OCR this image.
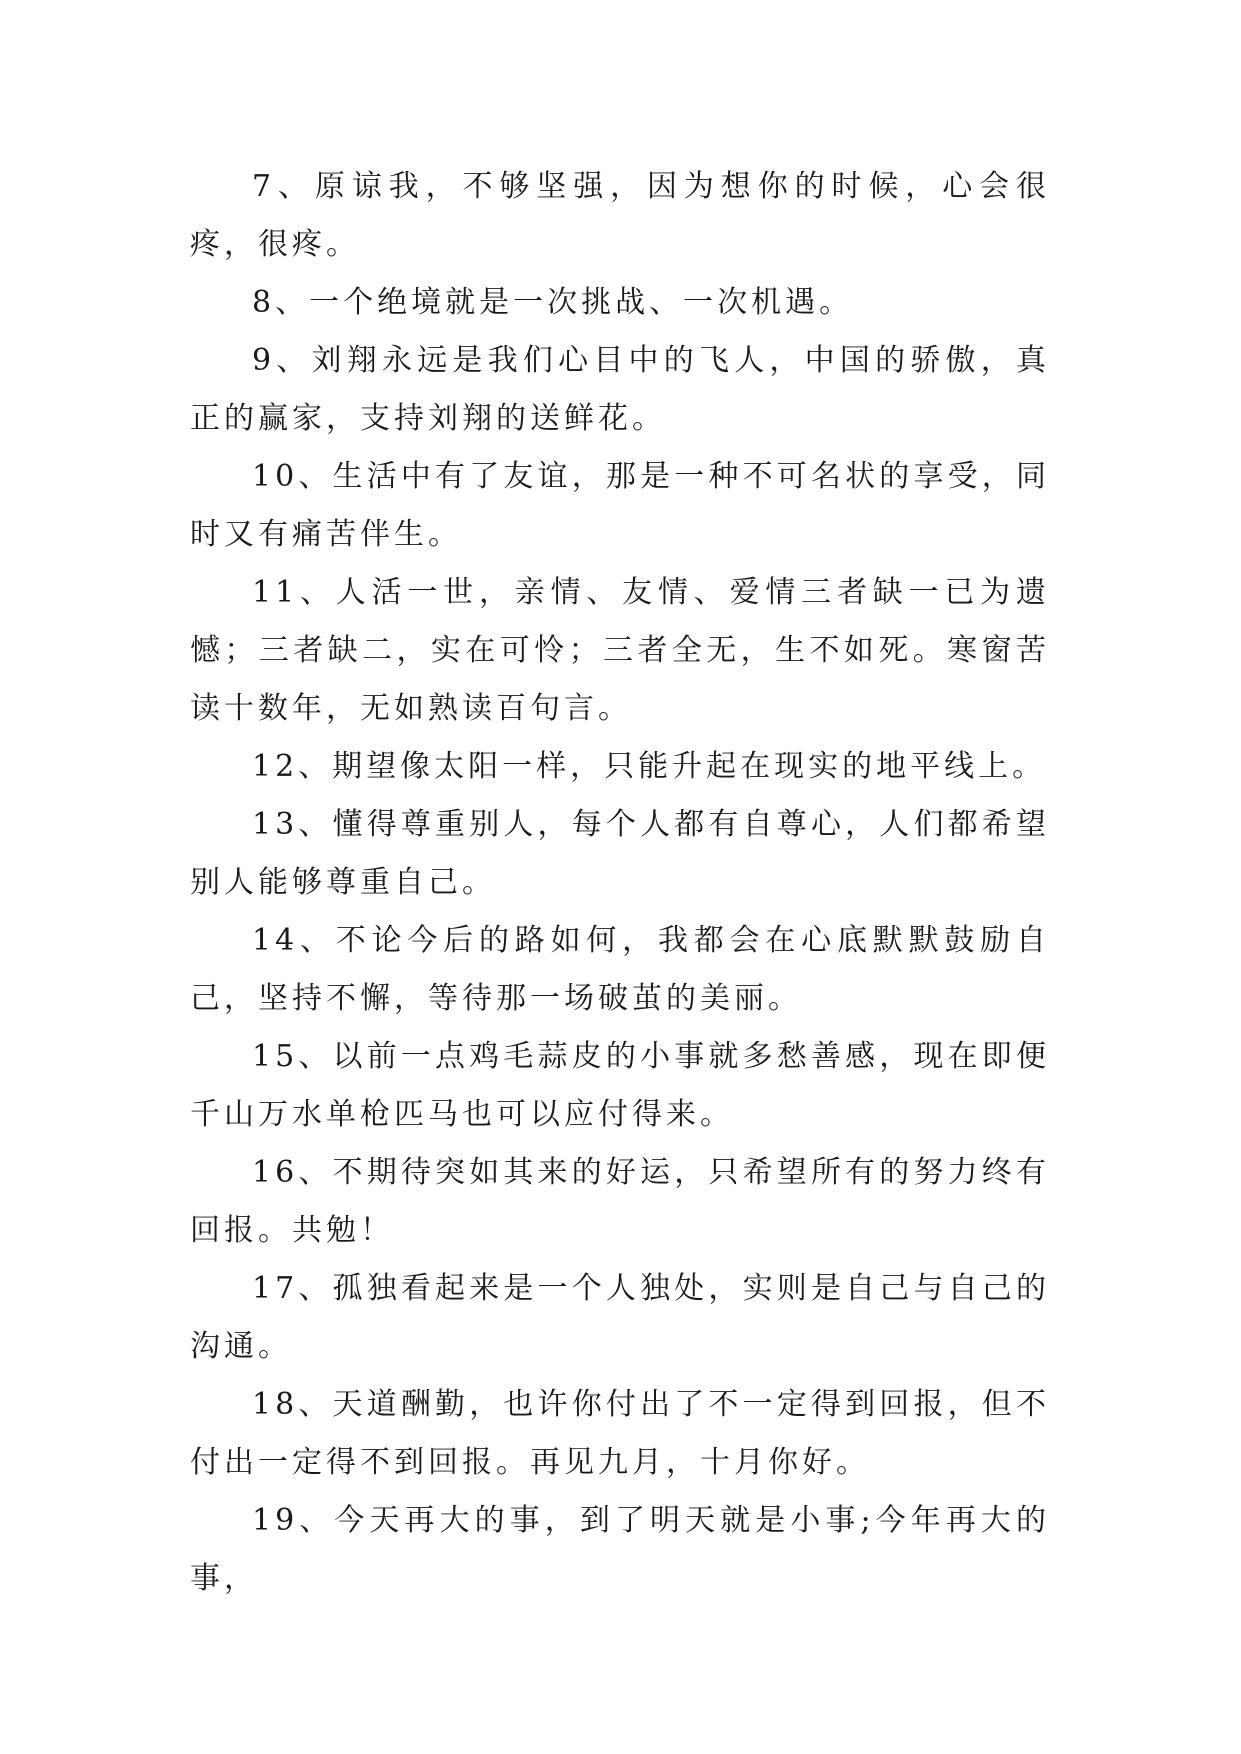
7、原谅我，不够坚强，因为想你的时候，心会很疼，很疼。

8、一个绝境就是一次挑战、一次机遇。

9、刘翔永远是我们心目中的飞人，中国的骄傲，真正的赢家，支持刘翔的送鲜花。

10、生活中有了友谊，那是一种不可名状的享受，同时又有痛苦伴生。

11、人活一世，亲情、友情、爱情三者缺一已为遗憾；三者缺二，实在可怜；三者全无，生不如死。寒窗苦读十数年，无如熟读百句言。

12、期望像太阳一样，只能升起在现实的地平线上。

13、懂得尊重别人，每个人都有自尊心，人们都希望别人能够尊重自己。

14、不论今后的路如何，我都会在心底默默鼓励自己，坚持不懈，等待那一场破茧的美丽。

15、以前一点鸡毛蒜皮的小事就多愁善感，现在即便千山万水单枪匹马也可以应付得来。

16、不期待突如其来的好运，只希望所有的努力终有回报。共勉！

17、孤独看起来是一个人独处，实则是自己与自己的沟通。

18、天道酬勤，也许你付出了不一定得到回报，但不付出一定得不到回报。再见九月，十月你好。

19、今天再大的事，到了明天就是小事;今年再大的事，
